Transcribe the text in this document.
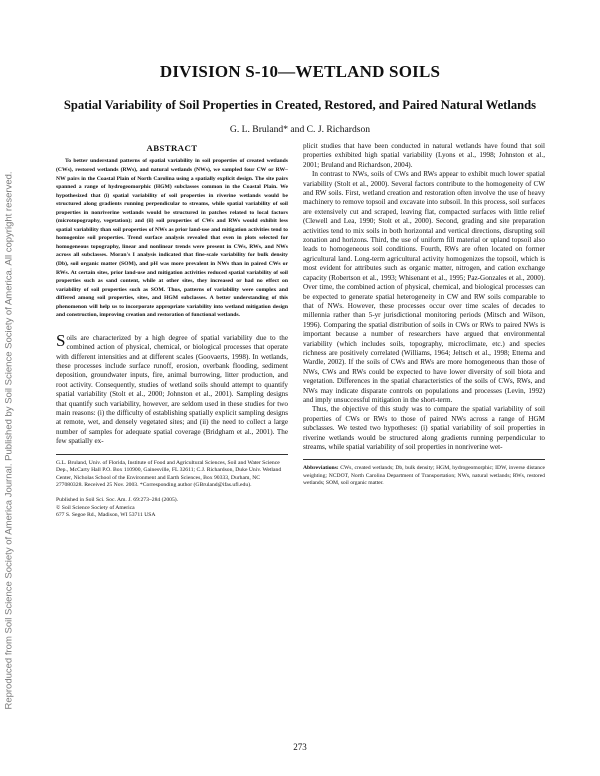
Reproduced from Soil Science Society of America Journal. Published by Soil Science Society of America. All copyright reserved.
DIVISION S-10—WETLAND SOILS
Spatial Variability of Soil Properties in Created, Restored, and Paired Natural Wetlands
G. L. Bruland* and C. J. Richardson
ABSTRACT

To better understand patterns of spatial variability in soil properties of created wetlands (CWs), restored wetlands (RWs), and natural wetlands (NWs), we sampled four CW or RW–NW pairs in the Coastal Plain of North Carolina using a spatially explicit design. The site pairs spanned a range of hydrogeomorphic (HGM) subclasses common in the Coastal Plain. We hypothesized that (i) spatial variability of soil properties in riverine wetlands would be structured along gradients running perpendicular to streams, while spatial variability of soil properties in nonriverine wetlands would be structured in patches related to local factors (microtopography, vegetation); and (ii) soil properties of CWs and RWs would exhibit less spatial variability than soil properties of NWs as prior land-use and mitigation activities tend to homogenize soil properties. Trend surface analysis revealed that even in plots selected for homogeneous topography, linear and nonlinear trends were present in CWs, RWs, and NWs across all subclasses. Moran's I analysis indicated that fine-scale variability for bulk density (Db), soil organic matter (SOM), and pH was more prevalent in NWs than in paired CWs or RWs. At certain sites, prior land-use and mitigation activities reduced spatial variability of soil properties such as sand content, while at other sites, they increased or had no effect on variability of soil properties such as SOM. Thus, patterns of variability were complex and differed among soil properties, sites, and HGM subclasses. A better understanding of this phenomenon will help us to incorporate appropriate variability into wetland mitigation design and construction, improving creation and restoration of functional wetlands.

Soils are characterized by a high degree of spatial variability due to the combined action of physical, chemical, or biological processes that operate with different intensities and at different scales (Goovaerts, 1998). In wetlands, these processes include surface runoff, erosion, overbank flooding, sediment deposition, groundwater inputs, fire, animal burrowing, litter production, and root activity. Consequently, studies of wetland soils should attempt to quantify spatial variability (Stolt et al., 2000; Johnston et al., 2001). Sampling designs that quantify such variability, however, are seldom used in these studies for two main reasons: (i) the difficulty of establishing spatially explicit sampling designs at remote, wet, and densely vegetated sites; and (ii) the need to collect a large number of samples for adequate spatial coverage (Bridgham et al., 2001). The few spatially ex-

G.L. Bruland, Univ. of Florida, Institute of Food and Agricultural Sciences, Soil and Water Science Dep., McCarty Hall P.O. Box 110900, Gainesville, FL 32611; C.J. Richardson, Duke Univ. Wetland Center, Nicholas School of the Environment and Earth Sciences, Box 90333, Durham, NC 277080328. Received 25 Nov. 2003. *Corresponding author (GBruland@ifas.ufl.edu).

Published in Soil Sci. Soc. Am. J. 69:273–284 (2005).
© Soil Science Society of America
677 S. Segoe Rd., Madison, WI 53711 USA

plicit studies that have been conducted in natural wetlands have found that soil properties exhibited high spatial variability (Lyons et al., 1998; Johnston et al., 2001; Bruland and Richardson, 2004).

In contrast to NWs, soils of CWs and RWs appear to exhibit much lower spatial variability (Stolt et al., 2000). Several factors contribute to the homogeneity of CW and RW soils. First, wetland creation and restoration often involve the use of heavy machinery to remove topsoil and excavate into subsoil. In this process, soil surfaces are extensively cut and scraped, leaving flat, compacted surfaces with little relief (Clewell and Lea, 1990; Stolt et al., 2000). Second, grading and site preparation activities tend to mix soils in both horizontal and vertical directions, disrupting soil zonation and horizons. Third, the use of uniform fill material or upland topsoil also leads to homogeneous soil conditions. Fourth, RWs are often located on former agricultural land. Long-term agricultural activity homogenizes the topsoil, which is most evident for attributes such as organic matter, nitrogen, and cation exchange capacity (Robertson et al., 1993; Whisenant et al., 1995; Paz-Gonzales et al., 2000). Over time, the combined action of physical, chemical, and biological processes can be expected to generate spatial heterogeneity in CW and RW soils comparable to that of NWs. However, these processes occur over time scales of decades to millennia rather than 5-yr jurisdictional monitoring periods (Mitsch and Wilson, 1996). Comparing the spatial distribution of soils in CWs or RWs to paired NWs is important because a number of researchers have argued that environmental variability (which includes soils, topography, microclimate, etc.) and species richness are positively correlated (Williams, 1964; Jeltsch et al., 1998; Ettema and Wardle, 2002). If the soils of CWs and RWs are more homogeneous than those of NWs, CWs and RWs could be expected to have lower diversity of soil biota and vegetation. Differences in the spatial characteristics of the soils of CWs, RWs, and NWs may indicate disparate controls on populations and processes (Levin, 1992) and imply unsuccessful mitigation in the short-term.

Thus, the objective of this study was to compare the spatial variability of soil properties of CWs or RWs to those of paired NWs across a range of HGM subclasses. We tested two hypotheses: (i) spatial variability of soil properties in riverine wetlands would be structured along gradients running perpendicular to streams, while spatial variability of soil properties in nonriverine wet-

Abbreviations: CWs, created wetlands; Db, bulk density; HGM, hydrogeomorphic; IDW, inverse distance weighting; NCDOT, North Carolina Department of Transportation; NWs, natural wetlands; RWs, restored wetlands; SOM, soil organic matter.

273
